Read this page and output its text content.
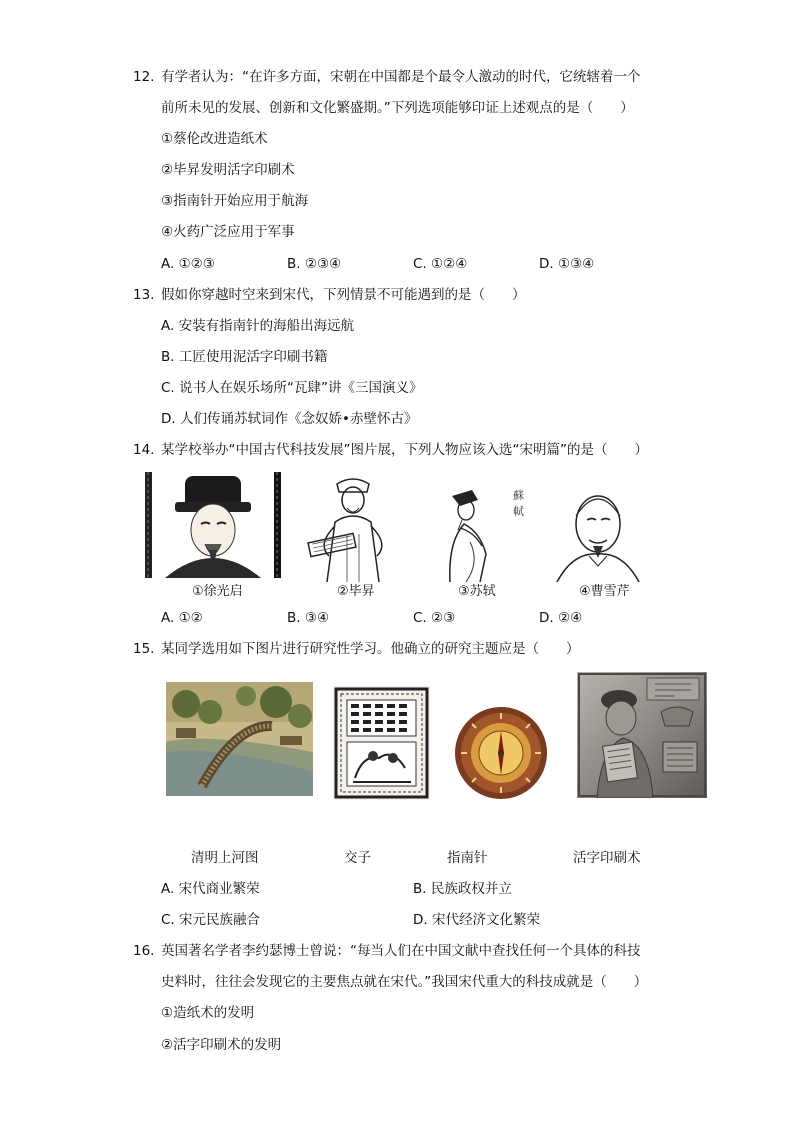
12. 有学者认为：“在许多方面，宋朝在中国都是个最令人激动的时代，它统辖着一个
前所未见的发展、创新和文化繁盛期。”下列选项能够印证上述观点的是（　　）
①蔡伦改进造纸术
②毕昇发明活字印刷术
③指南针开始应用于航海
④火药广泛应用于军事
A. ①②③	B. ②③④	C. ①②④	D. ①③④
13. 假如你穿越时空来到宋代，下列情景不可能遇到的是（　　）
A. 安装有指南针的海船出海远航
B. 工匠使用泥活字印刷书籍
C. 说书人在娱乐场所“瓦肆”讲《三国演义》
D. 人们传诵苏轼词作《念奴娇•赤壁怀古》
14. 某学校举办“中国古代科技发展”图片展，下列人物应该入选“宋明篇”的是（　　）
①徐光启	②毕昇
蘇 軾
③苏轼	④曹雪芹
A. ①②	B. ③④	C. ②③	D. ②④
15. 某同学选用如下图片进行研究性学习。他确立的研究主题应是（　　）
清明上河图	交子	指南针	活字印刷术
A. 宋代商业繁荣	B. 民族政权并立
C. 宋元民族融合	D. 宋代经济文化繁荣
16. 英国著名学者李约瑟博士曾说：“每当人们在中国文献中查找任何一个具体的科技
史料时，往往会发现它的主要焦点就在宋代。”我国宋代重大的科技成就是（　　）
①造纸术的发明
②活字印刷术的发明
